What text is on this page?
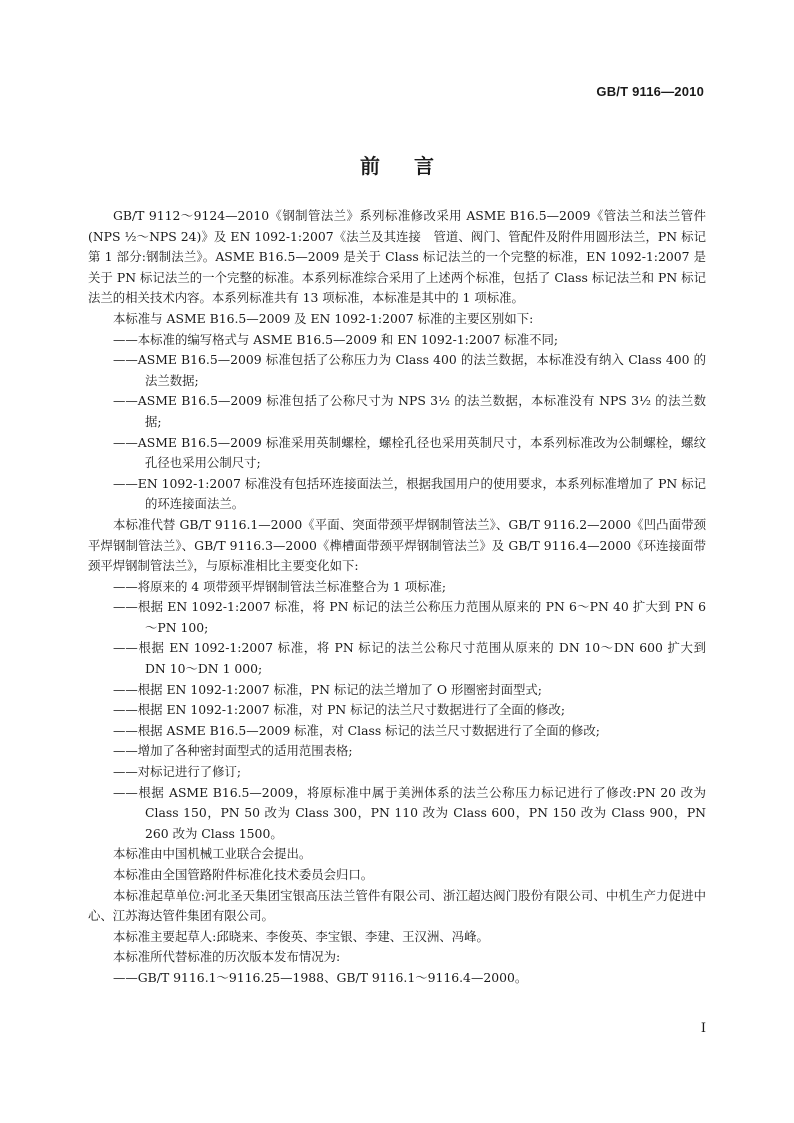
GB/T 9116—2010
前言

GB/T 9112～9124—2010《钢制管法兰》系列标准修改采用 ASME B16.5—2009《管法兰和法兰管件(NPS ½～NPS 24)》及 EN 1092-1:2007《法兰及其连接　管道、阀门、管配件及附件用圆形法兰，PN 标记　第 1 部分:钢制法兰》。ASME B16.5—2009 是关于 Class 标记法兰的一个完整的标准，EN 1092-1:2007 是关于 PN 标记法兰的一个完整的标准。本系列标准综合采用了上述两个标准，包括了 Class 标记法兰和 PN 标记法兰的相关技术内容。本系列标准共有 13 项标准，本标准是其中的 1 项标准。

本标准与 ASME B16.5—2009 及 EN 1092-1:2007 标准的主要区别如下:

——本标准的编写格式与 ASME B16.5—2009 和 EN 1092-1:2007 标准不同;

——ASME B16.5—2009 标准包括了公称压力为 Class 400 的法兰数据，本标准没有纳入 Class 400 的法兰数据;

——ASME B16.5—2009 标准包括了公称尺寸为 NPS 3½ 的法兰数据，本标准没有 NPS 3½ 的法兰数据;

——ASME B16.5—2009 标准采用英制螺栓，螺栓孔径也采用英制尺寸，本系列标准改为公制螺栓，螺纹孔径也采用公制尺寸;

——EN 1092-1:2007 标准没有包括环连接面法兰，根据我国用户的使用要求，本系列标准增加了 PN 标记的环连接面法兰。

本标准代替 GB/T 9116.1—2000《平面、突面带颈平焊钢制管法兰》、GB/T 9116.2—2000《凹凸面带颈平焊钢制管法兰》、GB/T 9116.3—2000《榫槽面带颈平焊钢制管法兰》及 GB/T 9116.4—2000《环连接面带颈平焊钢制管法兰》，与原标准相比主要变化如下:

——将原来的 4 项带颈平焊钢制管法兰标准整合为 1 项标准;

——根据 EN 1092-1:2007 标准，将 PN 标记的法兰公称压力范围从原来的 PN 6～PN 40 扩大到 PN 6～PN 100;

——根据 EN 1092-1:2007 标准，将 PN 标记的法兰公称尺寸范围从原来的 DN 10～DN 600 扩大到 DN 10～DN 1 000;

——根据 EN 1092-1:2007 标准，PN 标记的法兰增加了 O 形圈密封面型式;

——根据 EN 1092-1:2007 标准，对 PN 标记的法兰尺寸数据进行了全面的修改;

——根据 ASME B16.5—2009 标准，对 Class 标记的法兰尺寸数据进行了全面的修改;

——增加了各种密封面型式的适用范围表格;

——对标记进行了修订;

——根据 ASME B16.5—2009，将原标准中属于美洲体系的法兰公称压力标记进行了修改:PN 20 改为 Class 150，PN 50 改为 Class 300，PN 110 改为 Class 600，PN 150 改为 Class 900，PN 260 改为 Class 1500。

本标准由中国机械工业联合会提出。

本标准由全国管路附件标准化技术委员会归口。

本标准起草单位:河北圣天集团宝银高压法兰管件有限公司、浙江超达阀门股份有限公司、中机生产力促进中心、江苏海达管件集团有限公司。

本标准主要起草人:邱晓来、李俊英、李宝银、李建、王汉洲、冯峰。

本标准所代替标准的历次版本发布情况为:

——GB/T 9116.1～9116.25—1988、GB/T 9116.1～9116.4—2000。

I
